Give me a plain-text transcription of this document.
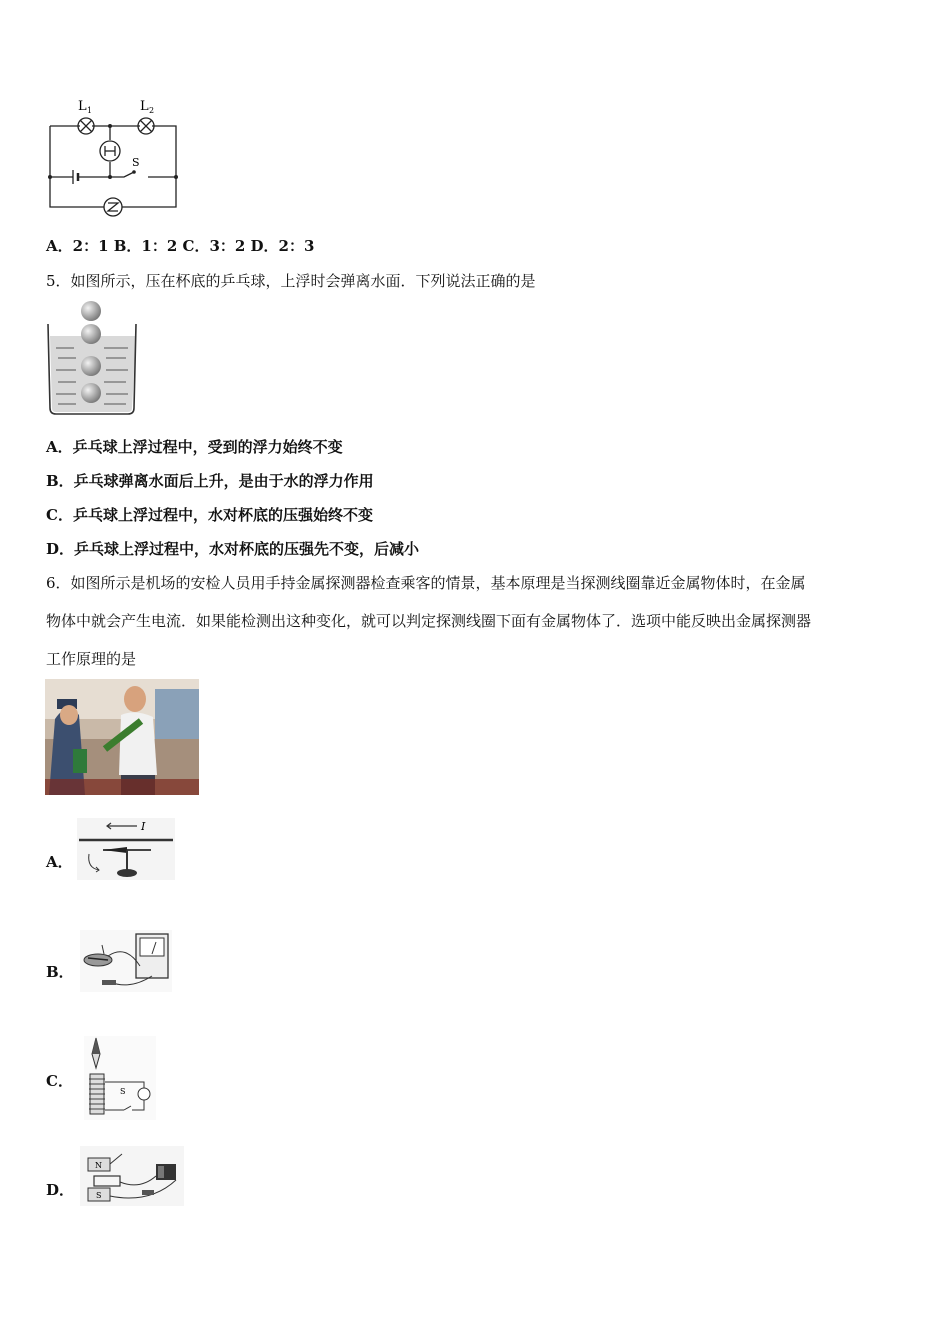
L 1	L 2
S
A．2：1 B．1：2 C．3：2 D．2：3
5．如图所示，压在杯底的乒乓球，上浮时会弹离水面．下列说法正确的是
A．乒乓球上浮过程中，受到的浮力始终不变
B．乒乓球弹离水面后上升，是由于水的浮力作用
C．乒乓球上浮过程中，水对杯底的压强始终不变
D．乒乓球上浮过程中，水对杯底的压强先不变，后减小
6．如图所示是机场的安检人员用手持金属探测器检查乘客的情景，基本原理是当探测线圈靠近金属物体时，在金属
物体中就会产生电流．如果能检测出这种变化，就可以判定探测线圈下面有金属物体了．选项中能反映出金属探测器
工作原理的是
A．
I
B．
C．
S
D．
N
S
